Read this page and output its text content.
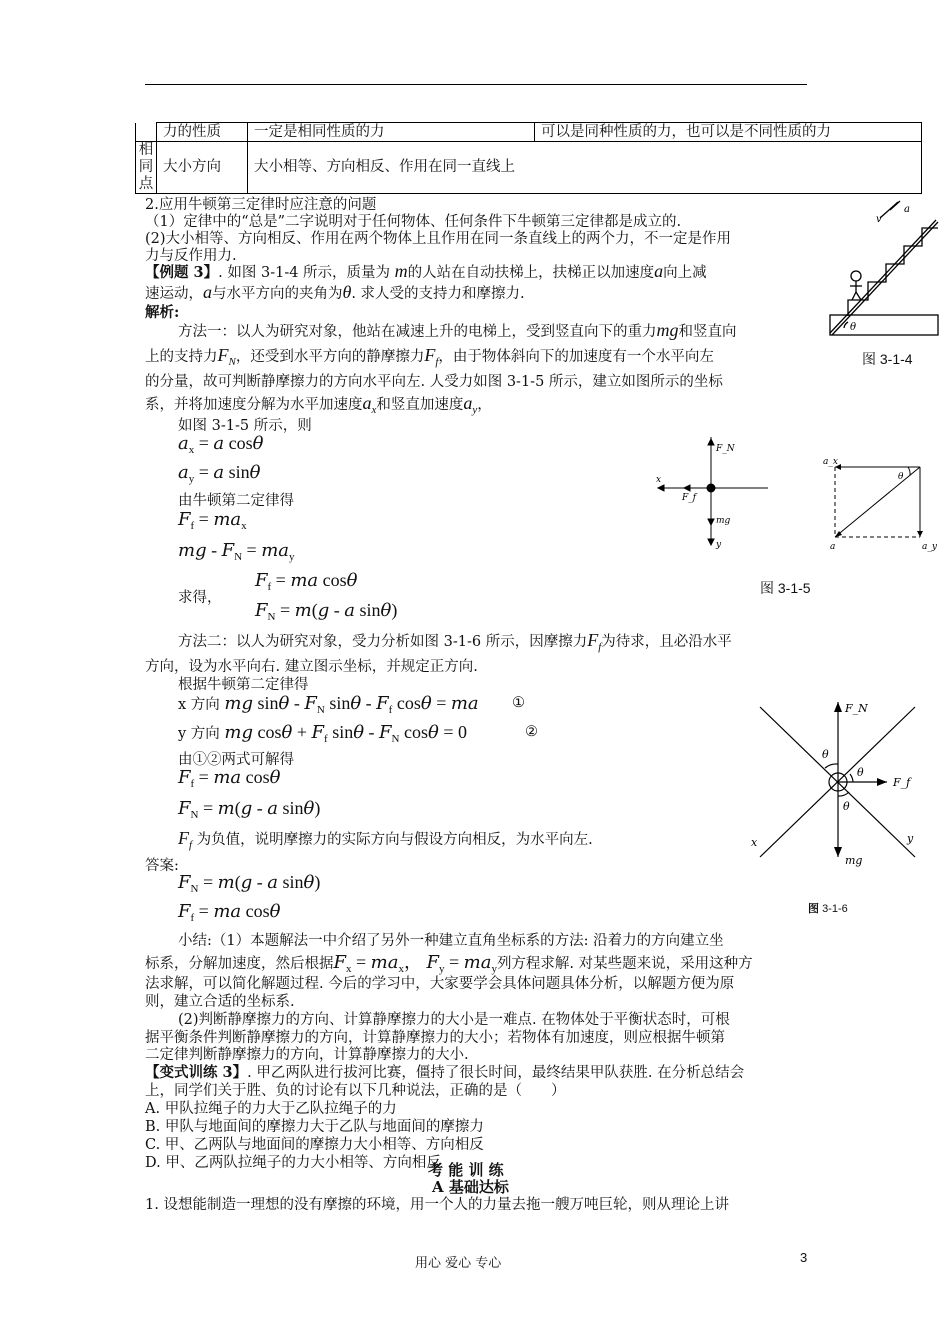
	力的性质	一定是相同性质的力	可以是同种性质的力，也可以是不同性质的力

相
同
点	大小方向	大小相等、方向相反、作用在同一直线上	
2.应用牛顿第三定律时应注意的问题
（1）定律中的“总是”二字说明对于任何物体、任何条件下牛顿第三定律都是成立的.
(2)大小相等、方向相反、作用在两个物体上且作用在同一条直线上的两个力，不一定是作用
力与反作用力.
【例题 3】. 如图 3-1-4 所示，质量为 m的人站在自动扶梯上，扶梯正以加速度a向上减
速运动，a与水平方向的夹角为θ. 求人受的支持力和摩擦力.
解析:
方法一：以人为研究对象，他站在减速上升的电梯上，受到竖直向下的重力mg和竖直向
上的支持力$F_N$，还受到水平方向的静摩擦力$F_f$，由于物体斜向下的加速度有一个水平向左
的分量，故可判断静摩擦力的方向水平向左. 人受力如图 3-1-5 所示，建立如图所示的坐标
系，并将加速度分解为水平加速度$a_x$和竖直加速度$a_y$，
如图 3-1-5 所示，则
$a_x = a$ cosθ
$a_y = a$ sinθ
由牛顿第二定律得
$F_f = ma_x$
mg - $F_N = ma_y$
求得，
$F_f$ = ma cosθ
$F_N = m(g - a$ sinθ)
方法二：以人为研究对象，受力分析如图 3-1-6 所示，因摩擦力$F_f$为待求，且必沿水平
方向，设为水平向右. 建立图示坐标，并规定正方向.
根据牛顿第二定律得
x 方向 mg sinθ - $F_N$ sinθ - $F_f$ cosθ = ma ①
y 方向 mg $\cos\theta + F_f$ sinθ - $F_N$ cosθ = 0	②
由①②两式可解得
$F_f$ = ma cosθ
$F_N = m(g - a$ sinθ)
$F_f$ 为负值，说明摩擦力的实际方向与假设方向相反，为水平向左.
答案:
$F_N = m(g - a$ sinθ)
$F_f$ = ma cosθ
小结:（1）本题解法一中介绍了另外一种建立直角坐标系的方法: 沿着力的方向建立坐
标系，分解加速度，然后根据$F_x = ma_x$， $F_y = ma_y$列方程求解. 对某些题来说，采用这种方
法求解，可以简化解题过程. 今后的学习中，大家要学会具体问题具体分析，以解题方便为原
则，建立合适的坐标系.
(2)判断静摩擦力的方向、计算静摩擦力的大小是一难点. 在物体处于平衡状态时，可根
据平衡条件判断静摩擦力的方向，计算静摩擦力的大小；若物体有加速度，则应根据牛顿第
二定律判断静摩擦力的方向，计算静摩擦力的大小.
【变式训练 3】. 甲乙两队进行拔河比赛，僵持了很长时间，最终结果甲队获胜. 在分析总结会
上，同学们关于胜、负的讨论有以下几种说法，正确的是（　　）
A. 甲队拉绳子的力大于乙队拉绳子的力
B. 甲队与地面间的摩擦力大于乙队与地面间的摩擦力
C. 甲、乙两队与地面间的摩擦力大小相等、方向相反
D. 甲、乙两队拉绳子的力大小相等、方向相反
考 能 训 练
A 基础达标
1. 设想能制造一理想的没有摩擦的环境，用一个人的力量去拖一艘万吨巨轮，则从理论上讲
用心 爱心 专心	3
a
v
θ
图 3-1-4
x
F_N
F_f
mg
y
a_x
θ
a	a_y
图 3-1-5
F_N
F_f
θ
θ
θ
mg
x	y
图 3-1-6
